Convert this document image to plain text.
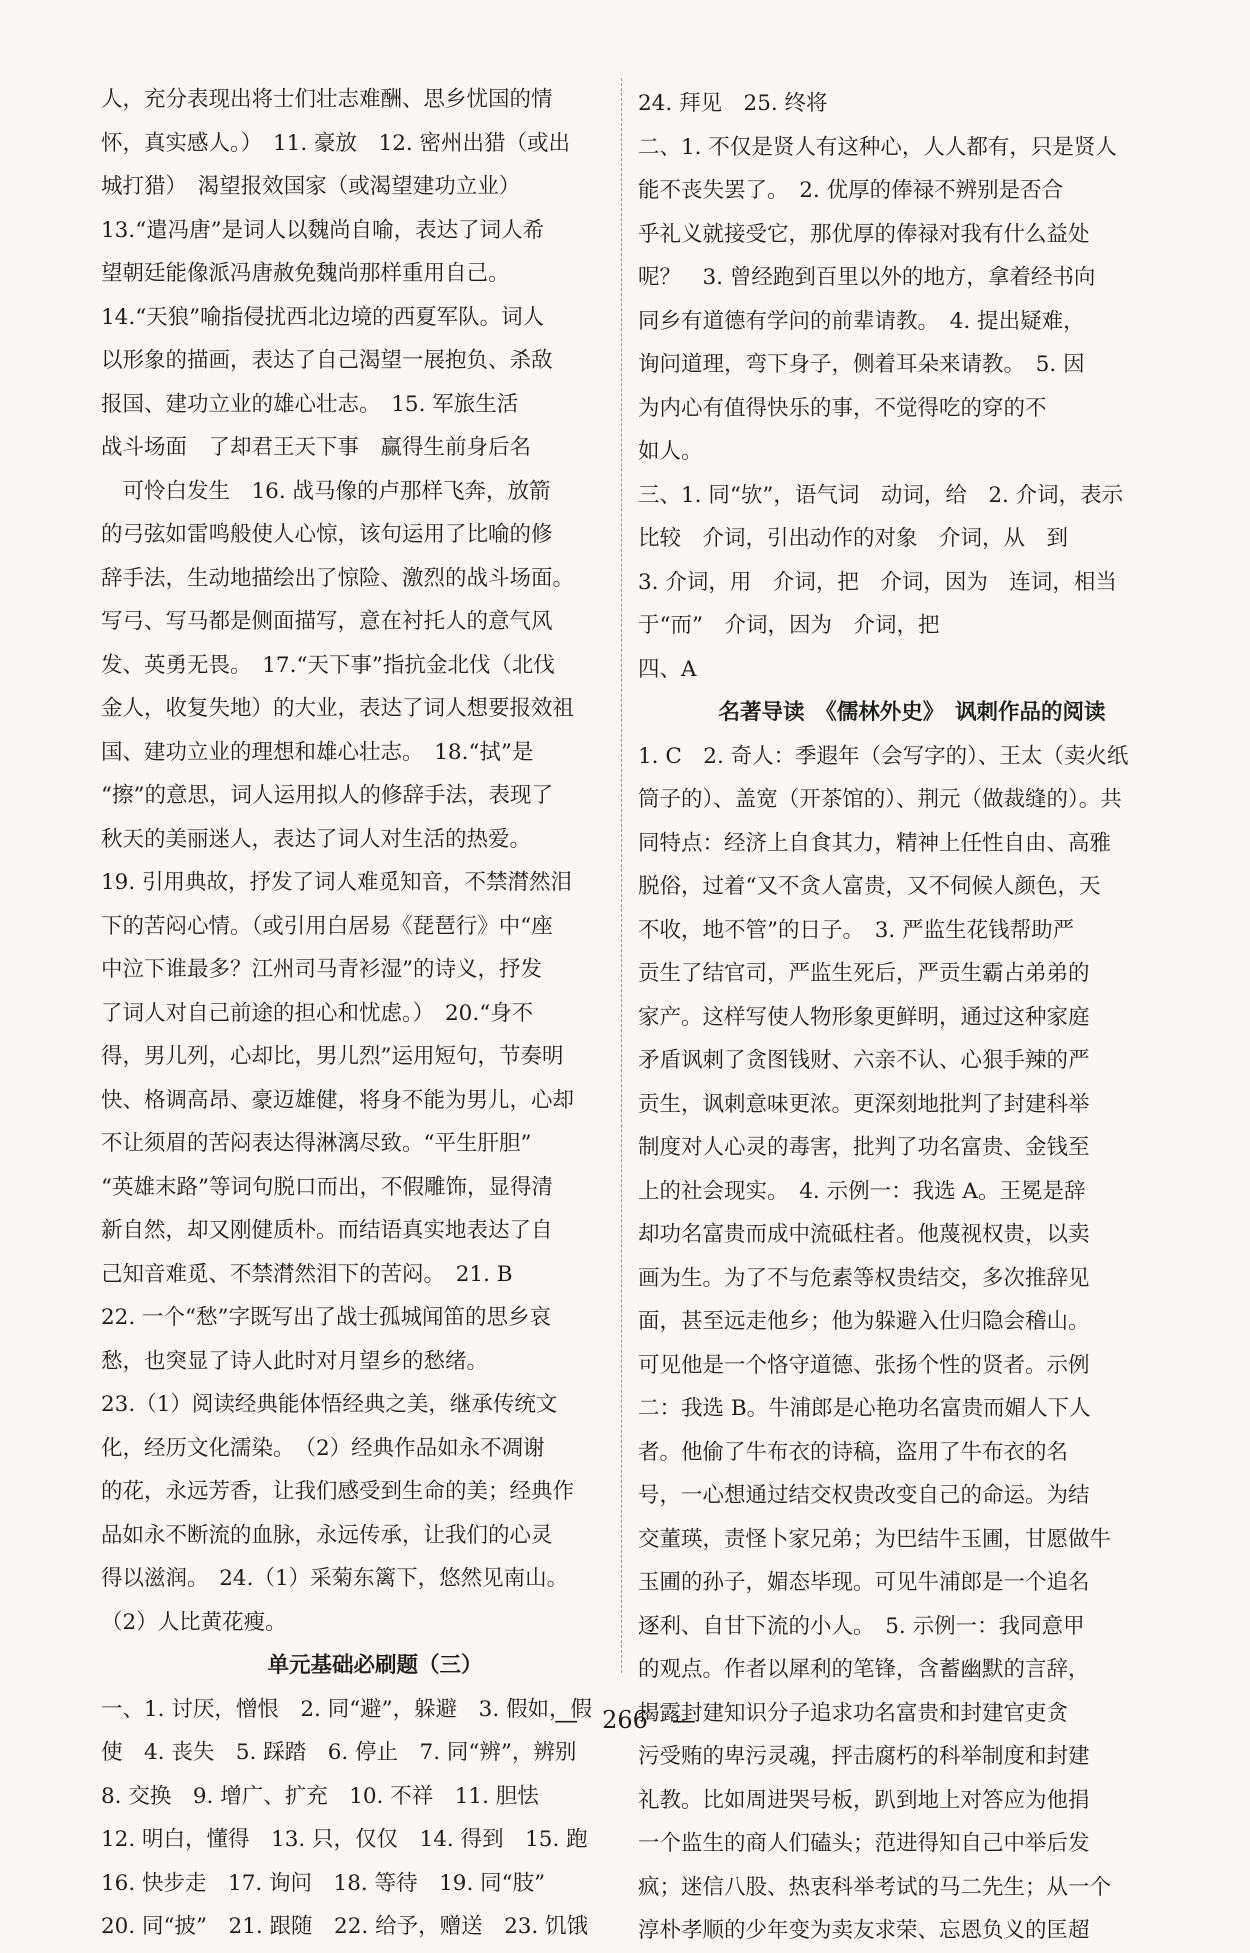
人，充分表现出将士们壮志难酬、思乡忧国的情
怀，真实感人。）　11. 豪放　12. 密州出猎（或出
城打猎）　渴望报效国家（或渴望建功立业）
13.“遣冯唐”是词人以魏尚自喻，表达了词人希
望朝廷能像派冯唐赦免魏尚那样重用自己。
14.“天狼”喻指侵扰西北边境的西夏军队。词人
以形象的描画，表达了自己渴望一展抱负、杀敌
报国、建功立业的雄心壮志。　15. 军旅生活
战斗场面　了却君王天下事　赢得生前身后名
　可怜白发生　16. 战马像的卢那样飞奔，放箭
的弓弦如雷鸣般使人心惊，该句运用了比喻的修
辞手法，生动地描绘出了惊险、激烈的战斗场面。
写弓、写马都是侧面描写，意在衬托人的意气风
发、英勇无畏。　17.“天下事”指抗金北伐（北伐
金人，收复失地）的大业，表达了词人想要报效祖
国、建功立业的理想和雄心壮志。　18.“拭”是
“擦”的意思，词人运用拟人的修辞手法，表现了
秋天的美丽迷人，表达了词人对生活的热爱。
19. 引用典故，抒发了词人难觅知音，不禁潸然泪
下的苦闷心情。（或引用白居易《琵琶行》中“座
中泣下谁最多？江州司马青衫湿”的诗义，抒发
了词人对自己前途的担心和忧虑。）　20.“身不
得，男儿列，心却比，男儿烈”运用短句，节奏明
快、格调高昂、豪迈雄健，将身不能为男儿，心却
不让须眉的苦闷表达得淋漓尽致。“平生肝胆”
“英雄末路”等词句脱口而出，不假雕饰，显得清
新自然，却又刚健质朴。而结语真实地表达了自
己知音难觅、不禁潸然泪下的苦闷。　21. B
22. 一个“愁”字既写出了战士孤城闻笛的思乡哀
愁，也突显了诗人此时对月望乡的愁绪。
23.（1）阅读经典能体悟经典之美，继承传统文
化，经历文化濡染。　（2）经典作品如永不凋谢
的花，永远芳香，让我们感受到生命的美；经典作
品如永不断流的血脉，永远传承，让我们的心灵
得以滋润。　24.（1）采菊东篱下，悠然见南山。
（2）人比黄花瘦。
单元基础必刷题（三）
一、1. 讨厌，憎恨　2. 同“避”，躲避　3. 假如，假
使　4. 丧失　5. 踩踏　6. 停止　7. 同“辨”，辨别
8. 交换　9. 增广、扩充　10. 不祥　11. 胆怯
12. 明白，懂得　13. 只，仅仅　14. 得到　15. 跑
16. 快步走　17. 询问　18. 等待　19. 同“肢”
20. 同“披”　21. 跟随　22. 给予，赠送　23. 饥饿
24. 拜见　25. 终将
二、1. 不仅是贤人有这种心，人人都有，只是贤人
能不丧失罢了。　2. 优厚的俸禄不辨别是否合
乎礼义就接受它，那优厚的俸禄对我有什么益处
呢？　3. 曾经跑到百里以外的地方，拿着经书向
同乡有道德有学问的前辈请教。　4. 提出疑难，
询问道理，弯下身子，侧着耳朵来请教。　5. 因
为内心有值得快乐的事，不觉得吃的穿的不
如人。
三、1. 同“欤”，语气词　动词，给　2. 介词，表示
比较　介词，引出动作的对象　介词，从　到
3. 介词，用　介词，把　介词，因为　连词，相当
于“而”　介词，因为　介词，把
四、A
名著导读　《儒林外史》　讽刺作品的阅读
1. C　2. 奇人：季遐年（会写字的）、王太（卖火纸
筒子的）、盖宽（开茶馆的）、荆元（做裁缝的）。共
同特点：经济上自食其力，精神上任性自由、高雅
脱俗，过着“又不贪人富贵，又不伺候人颜色，天
不收，地不管”的日子。　3. 严监生花钱帮助严
贡生了结官司，严监生死后，严贡生霸占弟弟的
家产。这样写使人物形象更鲜明，通过这种家庭
矛盾讽刺了贪图钱财、六亲不认、心狠手辣的严
贡生，讽刺意味更浓。更深刻地批判了封建科举
制度对人心灵的毒害，批判了功名富贵、金钱至
上的社会现实。　4. 示例一：我选 A。王冕是辞
却功名富贵而成中流砥柱者。他蔑视权贵，以卖
画为生。为了不与危素等权贵结交，多次推辞见
面，甚至远走他乡；他为躲避入仕归隐会稽山。
可见他是一个恪守道德、张扬个性的贤者。示例
二：我选 B。牛浦郎是心艳功名富贵而媚人下人
者。他偷了牛布衣的诗稿，盗用了牛布衣的名
号，一心想通过结交权贵改变自己的命运。为结
交董瑛，责怪卜家兄弟；为巴结牛玉圃，甘愿做牛
玉圃的孙子，媚态毕现。可见牛浦郎是一个追名
逐利、自甘下流的小人。　5. 示例一：我同意甲
的观点。作者以犀利的笔锋，含蓄幽默的言辞，
揭露封建知识分子追求功名富贵和封建官吏贪
污受贿的卑污灵魂，抨击腐朽的科举制度和封建
礼教。比如周进哭号板，趴到地上对答应为他捐
一个监生的商人们磕头；范进得知自己中举后发
疯；迷信八股、热衷科举考试的马二先生；从一个
淳朴孝顺的少年变为卖友求荣、忘恩负义的匡超
—　266　—
